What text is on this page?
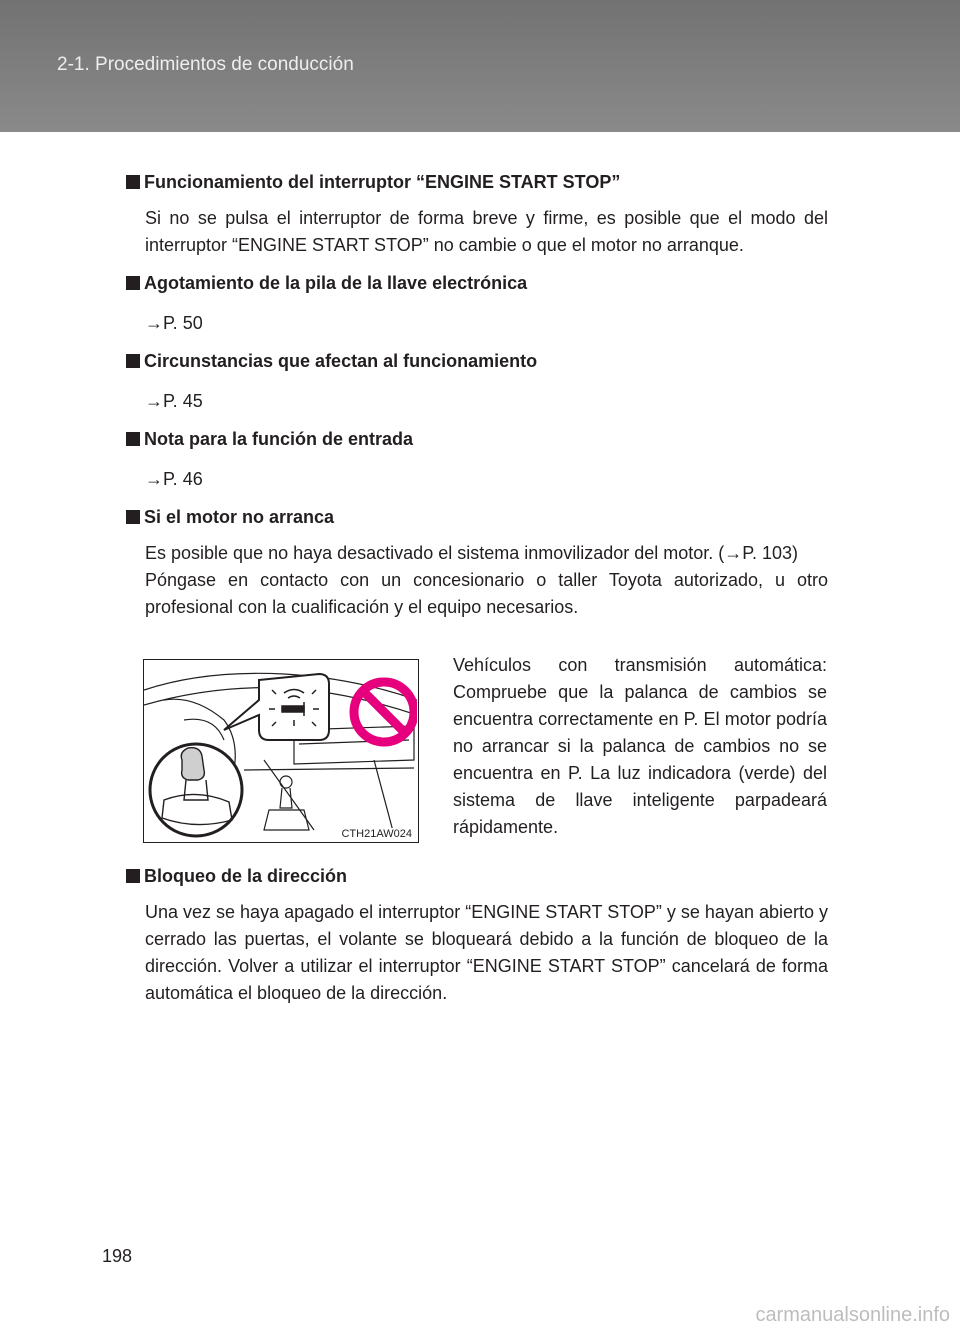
2-1. Procedimientos de conducción
Funcionamiento del interruptor “ENGINE START STOP”
Si no se pulsa el interruptor de forma breve y firme, es posible que el modo del interruptor “ENGINE START STOP” no cambie o que el motor no arranque.
Agotamiento de la pila de la llave electrónica
→P. 50
Circunstancias que afectan al funcionamiento
→P. 45
Nota para la función de entrada
→P. 46
Si el motor no arranca
Es posible que no haya desactivado el sistema inmovilizador del motor. (→P. 103)
Póngase en contacto con un concesionario o taller Toyota autorizado, u otro profesional con la cualificación y el equipo necesarios.
CTH21AW024
Vehículos con transmisión automática: Compruebe que la palanca de cambios se encuentra correctamente en P. El motor podría no arrancar si la palanca de cambios no se encuentra en P. La luz indicadora (verde) del sistema de llave inteligente parpadeará rápidamente.
Bloqueo de la dirección
Una vez se haya apagado el interruptor “ENGINE START STOP” y se hayan abierto y cerrado las puertas, el volante se bloqueará debido a la función de bloqueo de la dirección. Volver a utilizar el interruptor “ENGINE START STOP” cancelará de forma automática el bloqueo de la dirección.
198
carmanualsonline.info
